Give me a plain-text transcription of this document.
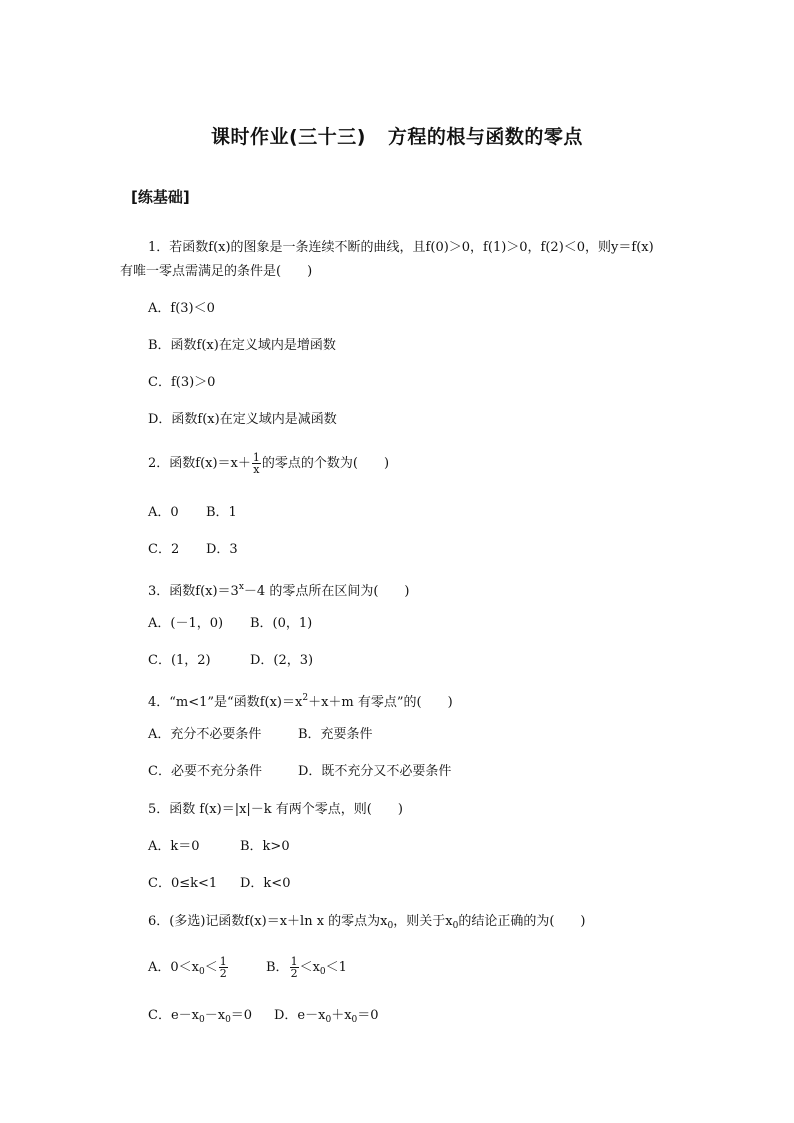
课时作业(三十三) 方程的根与函数的零点
[练基础]
1．若函数f(x)的图象是一条连续不断的曲线，且f(0)＞0，f(1)＞0，f(2)＜0，则y＝f(x)
有唯一零点需满足的条件是(　　)
A．f(3)＜0
B．函数f(x)在定义域内是增函数
C．f(3)＞0
D．函数f(x)在定义域内是减函数
2．函数$f(x)=x+ \frac{1}{x}$ 的零点的个数为(　　)
A．0 B．1
C．2 D．3
3．函数$f(x)=3^x-4$ 的零点所在区间为(　　)
A．(－1，0) B．(0，1)
C．(1，2)	D．(2，3)
4．“m<1”是“函数$f(x)=x^2+x+m$ 有零点”的(　　)
A．充分不必要条件	B．充要条件
C．必要不充分条件	D．既不充分又不必要条件
5．函数 f(x)＝|x|－k 有两个零点，则(　　)
A．k＝0	B．k>0
C．0≤k<1 D．k<0
6．(多选)记函数f(x)＝x＋ln x 的零点为$x_0$，则关于$x_0$的结论正确的为(　　)
A．$0<x_0< \frac{1}{2}$	B． $\frac{1}{2} <x_0<1$
C．$e-x_0-x_0=0$ D．$e-x_0+x_0=0$
